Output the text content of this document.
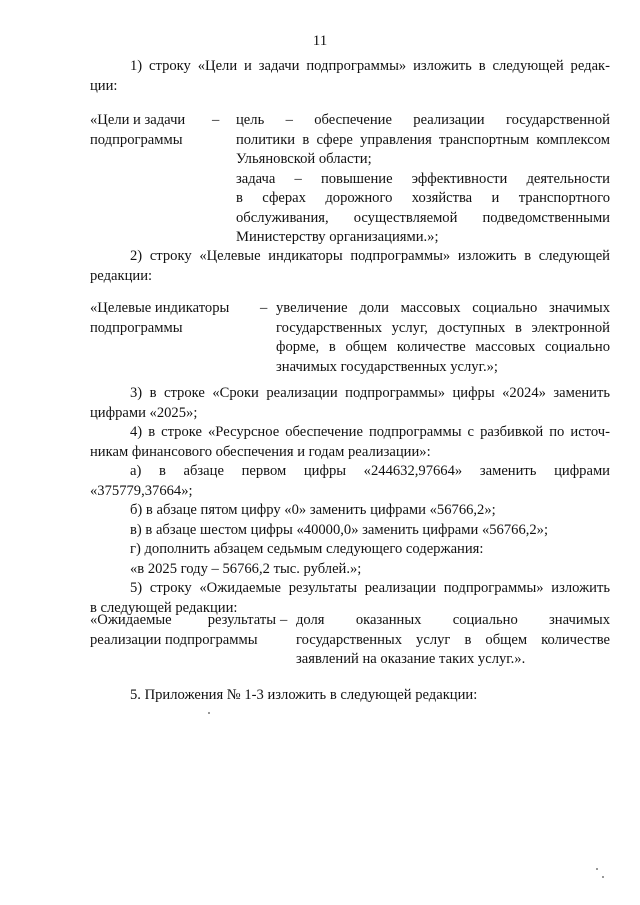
11
1) строку «Цели и задачи подпрограммы» изложить в следующей редак-
ции:
«Цели и задачи
подпрограммы
– цель – обеспечение реализации государственной
политики в сфере управления транспортным комплексом
Ульяновской области;
задача – повышение эффективности деятельности
в сферах дорожного хозяйства и транспортного
обслуживания, осуществляемой подведомственными
Министерству организациями.»;
2) строку «Целевые индикаторы подпрограммы» изложить в следующей
редакции:
«Целевые индикаторы
подпрограммы
– увеличение доли массовых социально значимых
государственных услуг, доступных в электронной
форме, в общем количестве массовых социально
значимых государственных услуг.»;
3) в строке «Сроки реализации подпрограммы» цифры «2024» заменить
цифрами «2025»;
4) в строке «Ресурсное обеспечение подпрограммы с разбивкой по источ-
никам финансового обеспечения и годам реализации»:
а) в абзаце первом цифры «244632,97664» заменить цифрами
«375779,37664»;
б) в абзаце пятом цифру «0» заменить цифрами «56766,2»;
в) в абзаце шестом цифры «40000,0» заменить цифрами «56766,2»;
г) дополнить абзацем седьмым следующего содержания:
«в 2025 году – 56766,2 тыс. рублей.»;
5) строку «Ожидаемые результаты реализации подпрограммы» изложить
в следующей редакции:
«Ожидаемые результаты
реализации подпрограммы
– доля оказанных социально значимых
государственных услуг в общем количестве
заявлений на оказание таких услуг.».
5. Приложения № 1-3 изложить в следующей редакции:
